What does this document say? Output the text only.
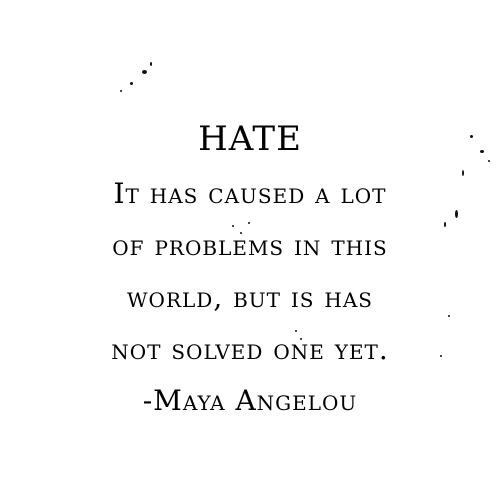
HATE
It has caused a lot
of problems in this
world, but is has
not solved one yet.
-Maya Angelou
